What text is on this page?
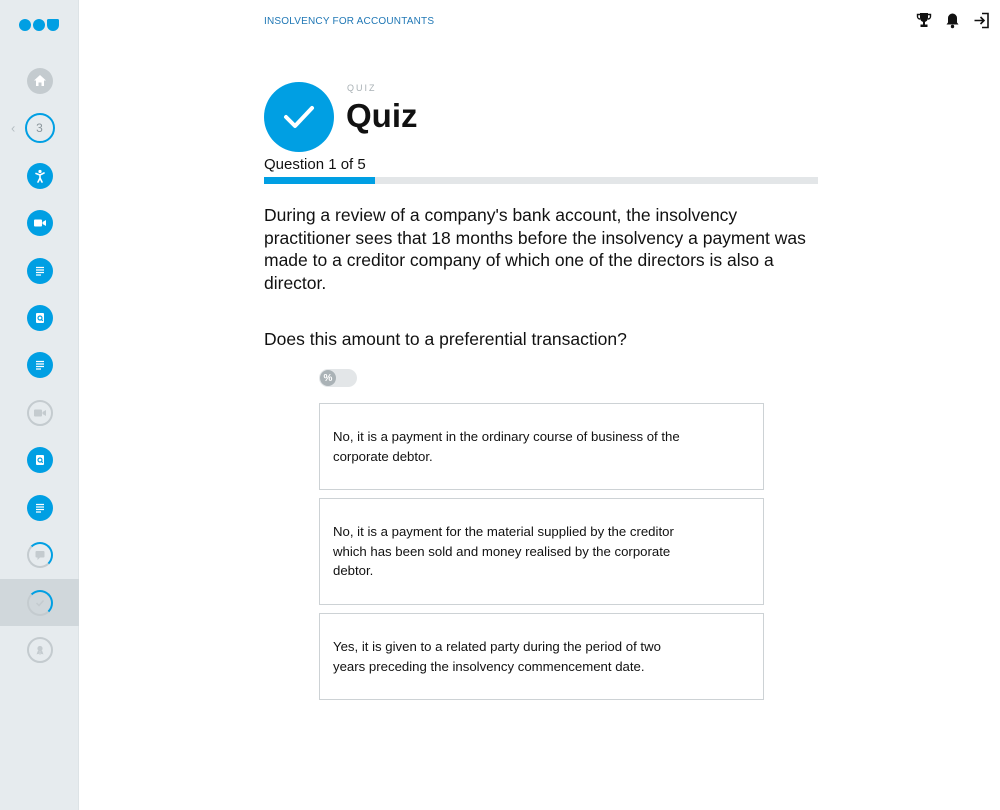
‹ 3
INSOLVENCY FOR ACCOUNTANTS
QUIZ
Quiz
Question 1 of 5
During a review of a company's bank account, the insolvency practitioner sees that 18 months before the insolvency a payment was made to a creditor company of which one of the directors is also a director.
Does this amount to a preferential transaction?
%
No, it is a payment in the ordinary course of business of the corporate debtor.
No, it is a payment for the material supplied by the creditor which has been sold and money realised by the corporate debtor.
Yes, it is given to a related party during the period of two years preceding the insolvency commencement date.
